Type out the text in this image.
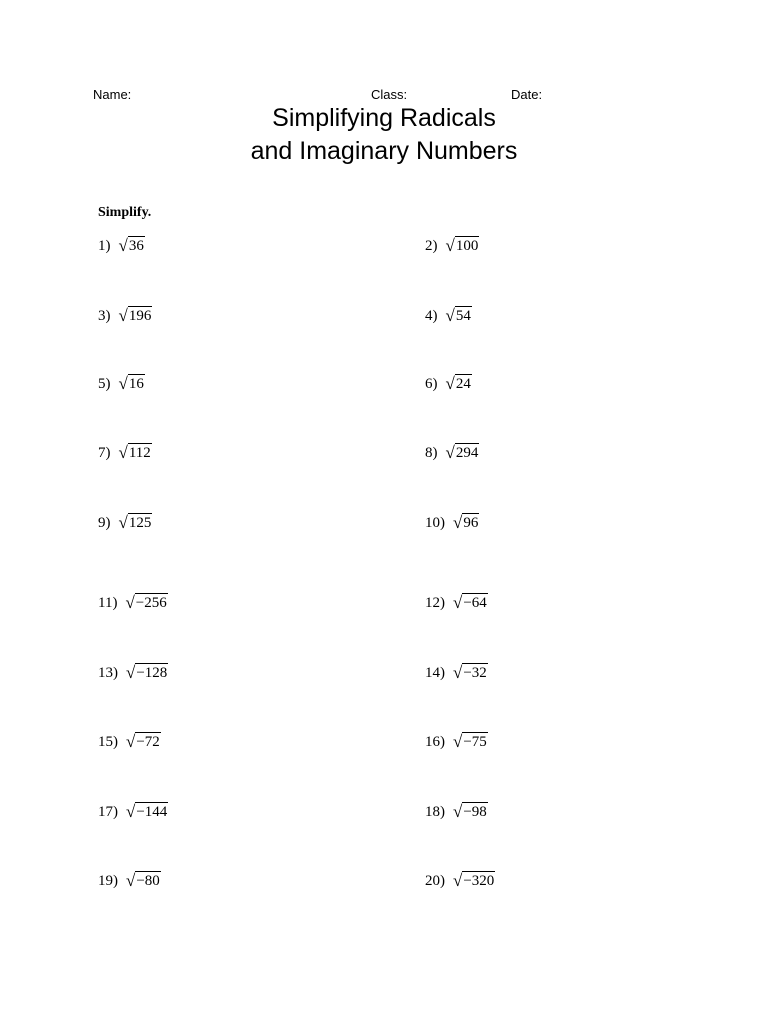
Name:	Class:	Date:
Simplifying Radicals
and Imaginary Numbers
Simplify.
1) √ 36	2) √ 100
3) √ 196	4) √ 54
5) √ 16	6) √ 24
7) √ 112	8) √ 294
9) √ 125	10) √ 96
11) √ −256	12) √ −64
13) √ −128	14) √ −32
15) √ −72	16) √ −75
17) √ −144	18) √ −98
19) √ −80	20) √ −320
